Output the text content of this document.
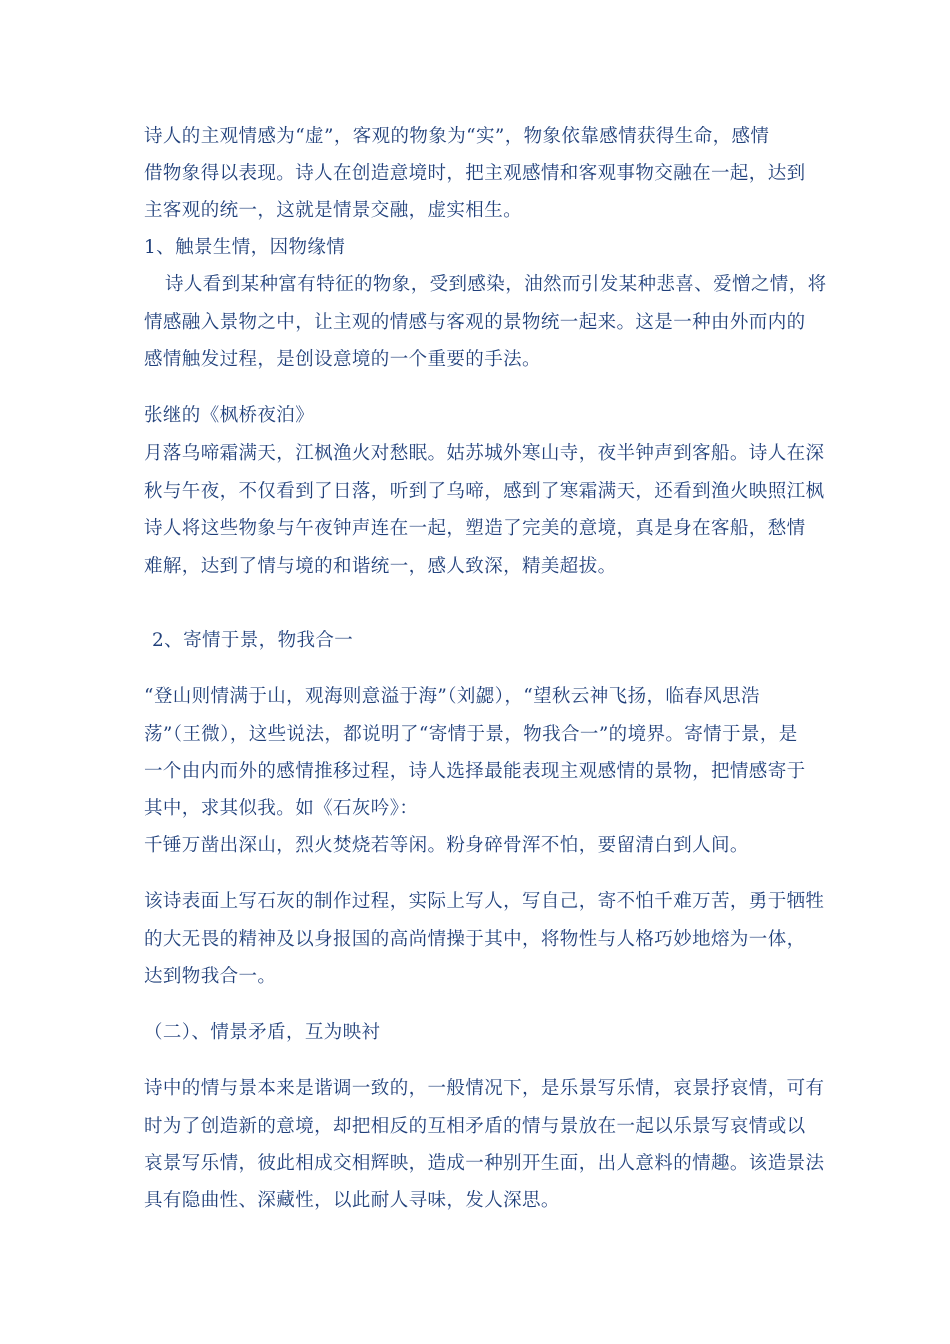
诗人的主观情感为“虚”，客观的物象为“实”，物象依靠感情获得生命，感情
借物象得以表现。诗人在创造意境时，把主观感情和客观事物交融在一起，达到
主客观的统一，这就是情景交融，虚实相生。
1、触景生情，因物缘情
诗人看到某种富有特征的物象，受到感染，油然而引发某种悲喜、爱憎之情，将
情感融入景物之中，让主观的情感与客观的景物统一起来。这是一种由外而内的
感情触发过程，是创设意境的一个重要的手法。
张继的《枫桥夜泊》
月落乌啼霜满天，江枫渔火对愁眠。姑苏城外寒山寺，夜半钟声到客船。诗人在深
秋与午夜，不仅看到了日落，听到了乌啼，感到了寒霜满天，还看到渔火映照江枫
诗人将这些物象与午夜钟声连在一起，塑造了完美的意境，真是身在客船，愁情
难解，达到了情与境的和谐统一，感人致深，精美超拔。
2、寄情于景，物我合一
“登山则情满于山，观海则意溢于海”（刘勰），“望秋云神飞扬，临春风思浩
荡”（王微），这些说法，都说明了“寄情于景，物我合一”的境界。寄情于景，是
一个由内而外的感情推移过程，诗人选择最能表现主观感情的景物，把情感寄于
其中，求其似我。如《石灰吟》：
千锤万凿出深山，烈火焚烧若等闲。粉身碎骨浑不怕，要留清白到人间。
该诗表面上写石灰的制作过程，实际上写人，写自己，寄不怕千难万苦，勇于牺牲
的大无畏的精神及以身报国的高尚情操于其中，将物性与人格巧妙地熔为一体，
达到物我合一。
（二）、情景矛盾，互为映衬
诗中的情与景本来是谐调一致的，一般情况下，是乐景写乐情，哀景抒哀情，可有
时为了创造新的意境，却把相反的互相矛盾的情与景放在一起以乐景写哀情或以
哀景写乐情，彼此相成交相辉映，造成一种别开生面，出人意料的情趣。该造景法
具有隐曲性、深藏性，以此耐人寻味，发人深思。
